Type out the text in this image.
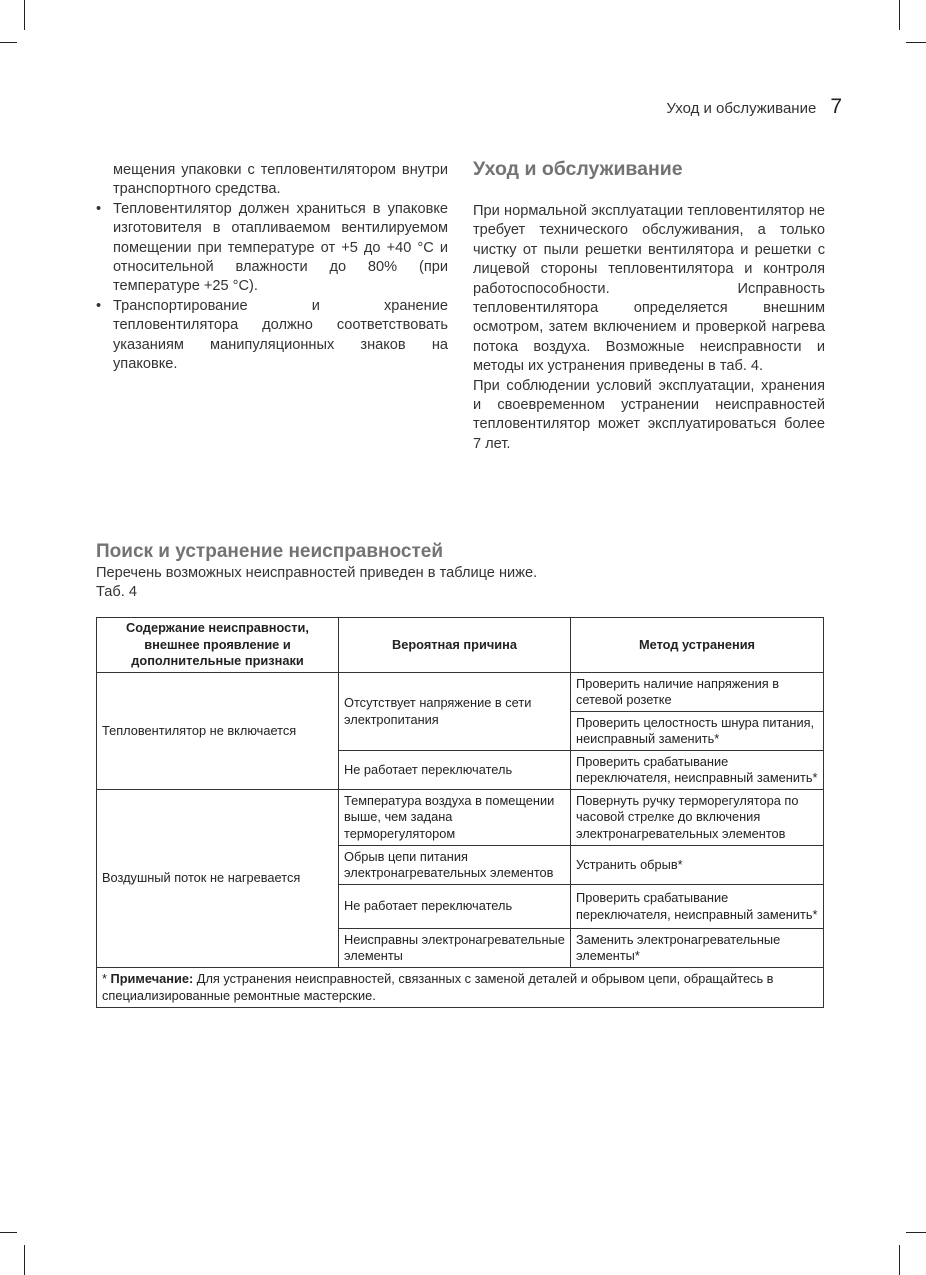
Уход и обслуживание 7

мещения упаковки с тепловентилятором внутри транспортного средства.

• Тепловентилятор должен храниться в упаковке изготовителя в отапливаемом вентилируемом помещении при температуре от +5 до +40 °С и относительной влажности до 80% (при температуре +25 °С).
• Транспортирование и хранение тепловентилятора должно соответствовать указаниям манипуляционных знаков на упаковке.
Уход и обслуживание

При нормальной эксплуатации тепловентилятор не требует технического обслуживания, а только чистку от пыли решетки вентилятора и решетки с лицевой стороны тепловентилятора и контроля работоспособности. Исправность тепловентилятора определяется внешним осмотром, затем включением и проверкой нагрева потока воздуха. Возможные неисправности и методы их устранения приведены в таб. 4.

При соблюдении условий эксплуатации, хранения и своевременном устранении неисправностей тепловентилятор может эксплуатироваться более 7 лет.

Поиск и устранение неисправностей

Перечень возможных неисправностей приведен в таблице ниже.

Таб. 4

Содержание неисправности, внешнее проявление и дополнительные признаки	Вероятная причина	Метод устранения
Тепловентилятор не включается	Отсутствует напряжение в сети электропитания	Проверить наличие напряжения в сетевой розетке
		Проверить целостность шнура питания, неисправный заменить*
	Не работает переключатель	Проверить срабатывание переключателя, неисправный заменить*
Воздушный поток не нагревается	Температура воздуха в помещении выше, чем задана терморегулятором	Повернуть ручку терморегулятора по часовой стрелке до включения электронагревательных элементов
	Обрыв цепи питания электронагревательных элементов	Устранить обрыв*
	Не работает переключатель	Проверить срабатывание переключателя, неисправный заменить*
	Неисправны электронагревательные элементы	Заменить электронагревательные элементы*
* Примечание: Для устранения неисправностей, связанных с заменой деталей и обрывом цепи, обращайтесь в специализированные ремонтные мастерские.		
